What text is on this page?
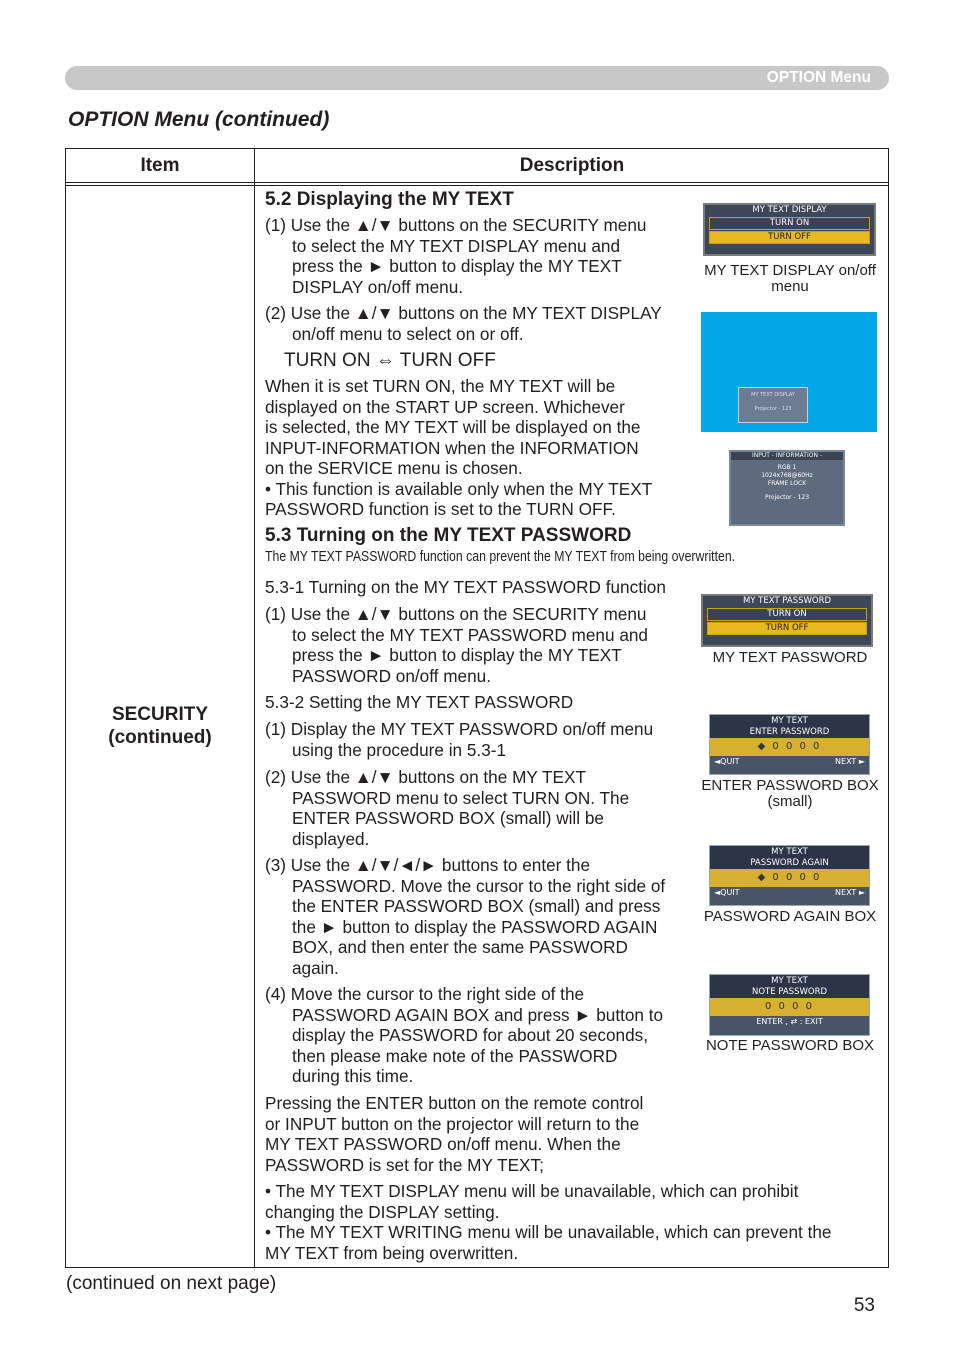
OPTION Menu
OPTION Menu (continued)
Item	Description
SECURITY
(continued)
5.2 Displaying the MY TEXT
(1) Use the ▲/▼ buttons on the SECURITY menu
to select the MY TEXT DISPLAY menu and
press the ► button to display the MY TEXT
DISPLAY on/off menu.
(2) Use the ▲/▼ buttons on the MY TEXT DISPLAY
on/off menu to select on or off.
TURN ON ⇔ TURN OFF
When it is set TURN ON, the MY TEXT will be
displayed on the START UP screen. Whichever
is selected, the MY TEXT will be displayed on the
INPUT-INFORMATION when the INFORMATION
on the SERVICE menu is chosen.
• This function is available only when the MY TEXT
PASSWORD function is set to the TURN OFF.
5.3 Turning on the MY TEXT PASSWORD
The MY TEXT PASSWORD function can prevent the MY TEXT from being overwritten.
5.3-1 Turning on the MY TEXT PASSWORD function
(1) Use the ▲/▼ buttons on the SECURITY menu
to select the MY TEXT PASSWORD menu and
press the ► button to display the MY TEXT
PASSWORD on/off menu.
5.3-2 Setting the MY TEXT PASSWORD
(1) Display the MY TEXT PASSWORD on/off menu
using the procedure in 5.3-1
(2) Use the ▲/▼ buttons on the MY TEXT
PASSWORD menu to select TURN ON. The
ENTER PASSWORD BOX (small) will be
displayed.
(3) Use the ▲/▼/◄/► buttons to enter the
PASSWORD. Move the cursor to the right side of
the ENTER PASSWORD BOX (small) and press
the ► button to display the PASSWORD AGAIN
BOX, and then enter the same PASSWORD
again.
(4) Move the cursor to the right side of the
PASSWORD AGAIN BOX and press ► button to
display the PASSWORD for about 20 seconds,
then please make note of the PASSWORD
during this time.
Pressing the ENTER button on the remote control
or INPUT button on the projector will return to the
MY TEXT PASSWORD on/off menu. When the
PASSWORD is set for the MY TEXT;
• The MY TEXT DISPLAY menu will be unavailable, which can prohibit
changing the DISPLAY setting.
• The MY TEXT WRITING menu will be unavailable, which can prevent the
MY TEXT from being overwritten.
MY TEXT DISPLAY
TURN ON
TURN OFF
MY TEXT DISPLAY on/off
menu
MY TEXT DISPLAY
Projector - 123
INPUT - INFORMATION -
RGB 1
1024x768@60Hz
FRAME LOCK
Projector - 123
MY TEXT PASSWORD
TURN ON
TURN OFF
MY TEXT PASSWORD
MY TEXT
ENTER PASSWORD
◆ 0 0 0 0
◄QUIT	NEXT ►
ENTER PASSWORD BOX
(small)
MY TEXT
PASSWORD AGAIN
◆ 0 0 0 0
◄QUIT	NEXT ►
PASSWORD AGAIN BOX
MY TEXT
NOTE PASSWORD
0 0 0 0
ENTER , ⇄ : EXIT
NOTE PASSWORD BOX
(continued on next page)
53
